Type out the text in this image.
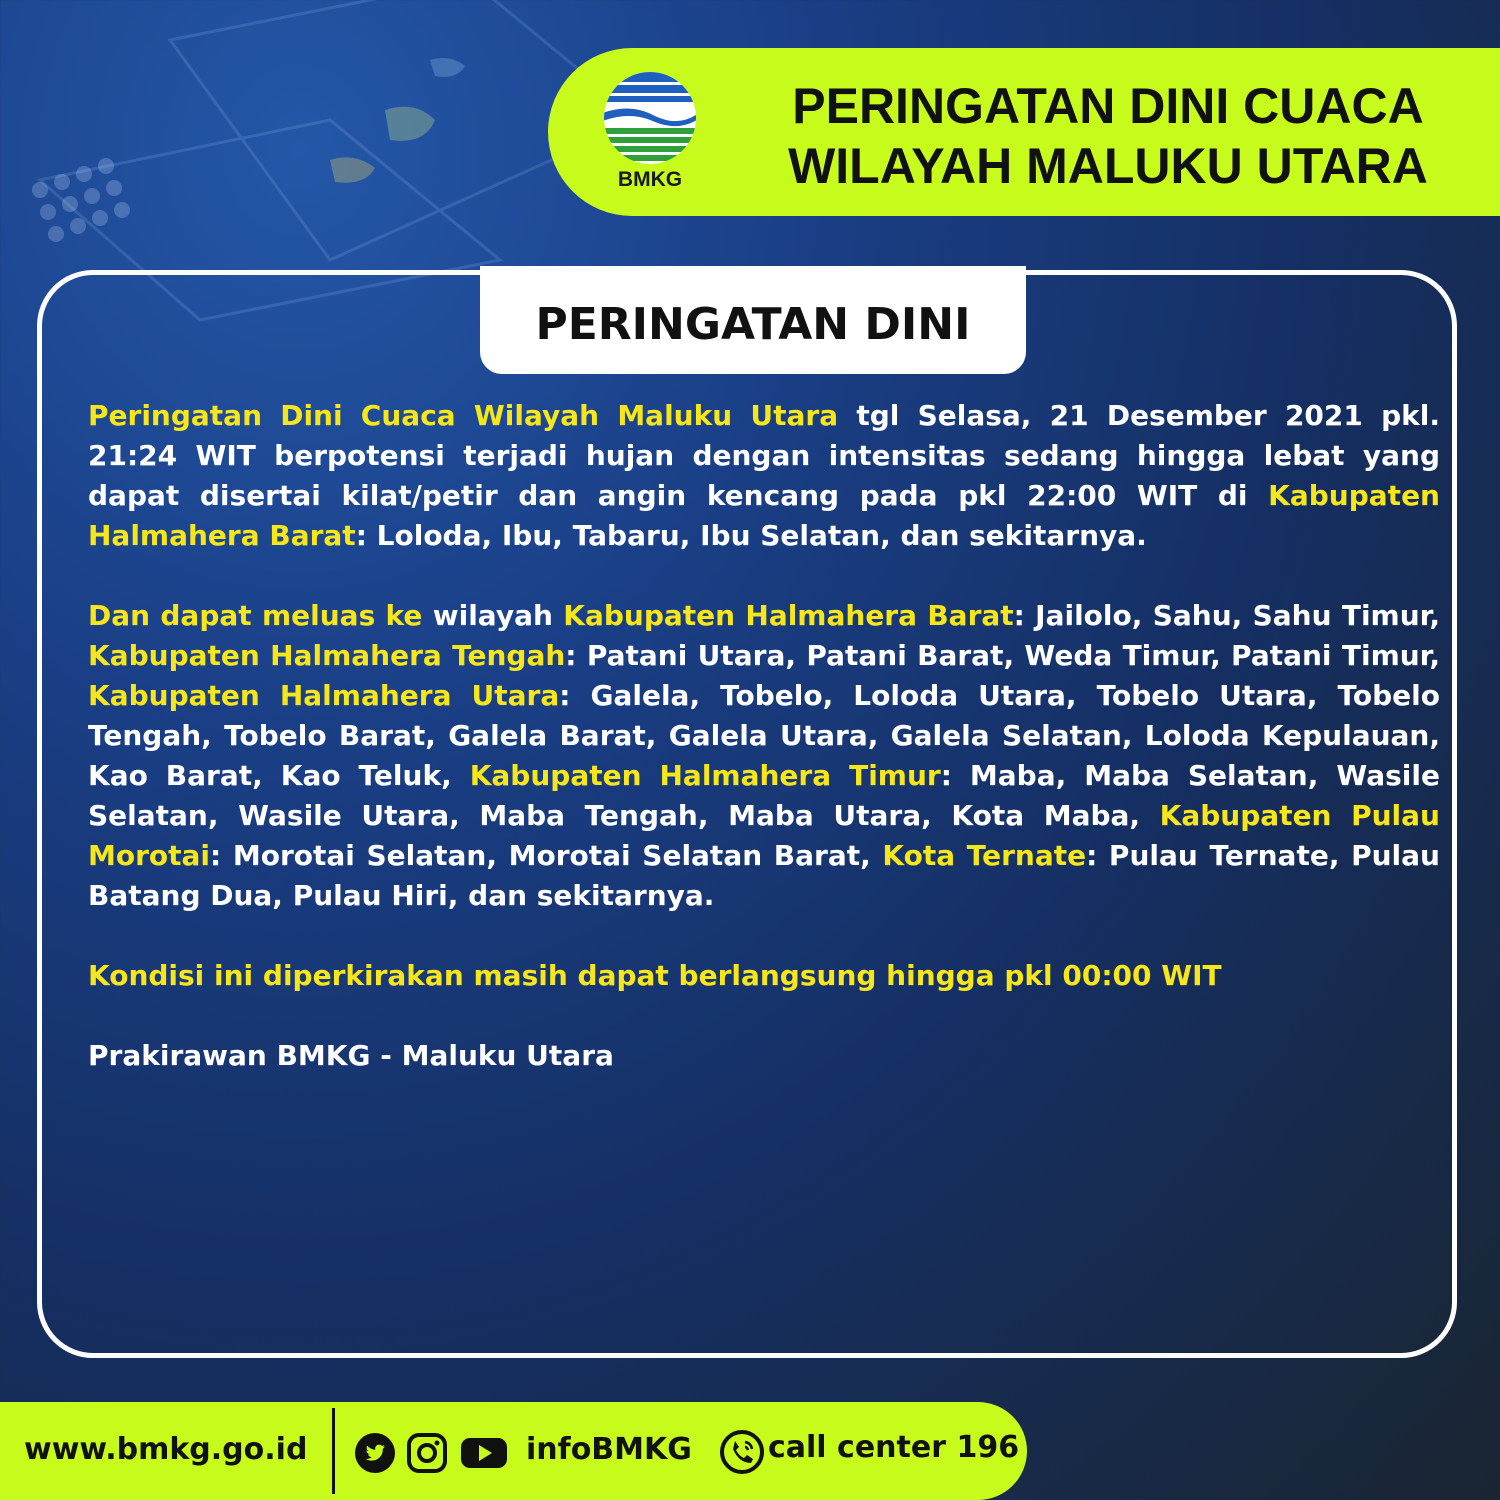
BMKG
PERINGATAN DINI CUACA
WILAYAH MALUKU UTARA
PERINGATAN DINI

Peringatan Dini Cuaca Wilayah Maluku Utara tgl Selasa, 21 Desember 2021 pkl. 21:24 WIT berpotensi terjadi hujan dengan intensitas sedang hingga lebat yang dapat disertai kilat/petir dan angin kencang pada pkl 22:00 WIT di Kabupaten Halmahera Barat: Loloda, Ibu, Tabaru, Ibu Selatan, dan sekitarnya.

Dan dapat meluas ke wilayah Kabupaten Halmahera Barat: Jailolo, Sahu, Sahu Timur, Kabupaten Halmahera Tengah: Patani Utara, Patani Barat, Weda Timur, Patani Timur, Kabupaten Halmahera Utara: Galela, Tobelo, Loloda Utara, Tobelo Utara, Tobelo Tengah, Tobelo Barat, Galela Barat, Galela Utara, Galela Selatan, Loloda Kepulauan, Kao Barat, Kao Teluk, Kabupaten Halmahera Timur: Maba, Maba Selatan, Wasile Selatan, Wasile Utara, Maba Tengah, Maba Utara, Kota Maba, Kabupaten Pulau Morotai: Morotai Selatan, Morotai Selatan Barat, Kota Ternate: Pulau Ternate, Pulau Batang Dua, Pulau Hiri, dan sekitarnya.

Kondisi ini diperkirakan masih dapat berlangsung hingga pkl 00:00 WIT

Prakirawan BMKG - Maluku Utara

www.bmkg.go.id	infoBMKG	call center 196
